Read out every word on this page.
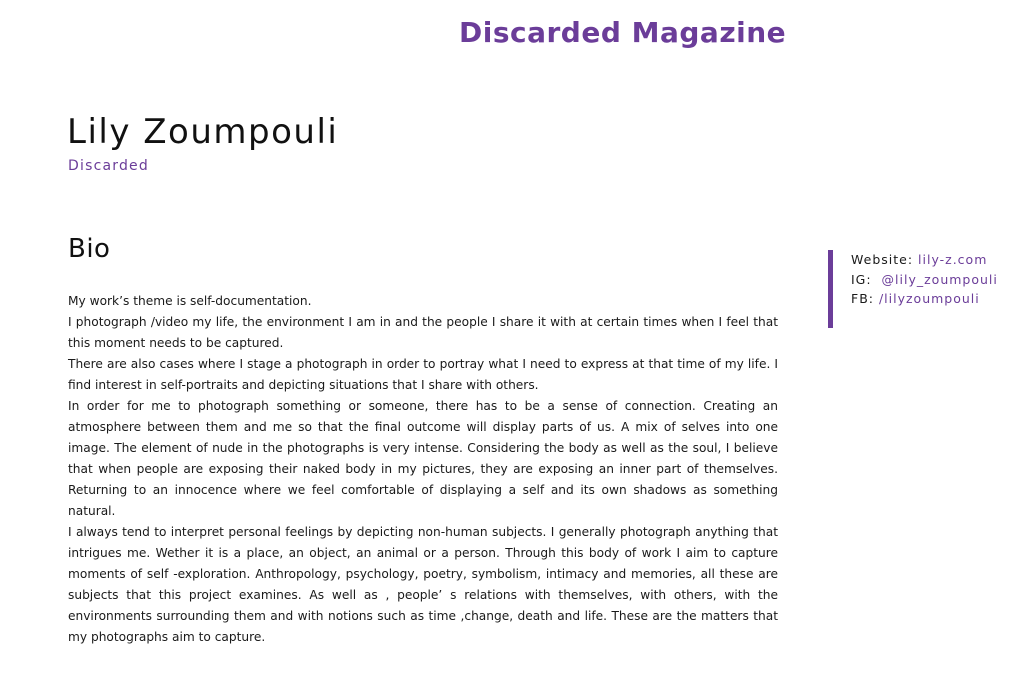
Discarded Magazine
Lily Zoumpouli
Discarded
Bio

My work’s theme is self-documentation.

I photograph /video my life, the environment I am in and the people I share it with at certain times when I feel that this moment needs to be captured.

There are also cases where I stage a photograph in order to portray what I need to express at that time of my life. I find interest in self-portraits and depicting situations that I share with others.

In order for me to photograph something or someone, there has to be a sense of connection. Creating an atmosphere between them and me so that the final outcome will display parts of us. A mix of selves into one image. The element of nude in the photographs is very intense. Considering the body as well as the soul, I believe that when people are exposing their naked body in my pictures, they are exposing an inner part of themselves. Returning to an innocence where we feel comfortable of displaying a self and its own shadows as something natural.

I always tend to interpret personal feelings by depicting non-human subjects. I generally photograph anything that intrigues me. Wether it is a place, an object, an animal or a person. Through this body of work I aim to capture moments of self -exploration. Anthropology, psychology, poetry, symbolism, intimacy and memories, all these are subjects that this project examines. As well as , people’ s relations with themselves, with others, with the environments surrounding them and with notions such as time ,change, death and life. These are the matters that my photographs aim to capture.

Website: lily-z.com
IG: @lily_zoumpouli
FB: /lilyzoumpouli
